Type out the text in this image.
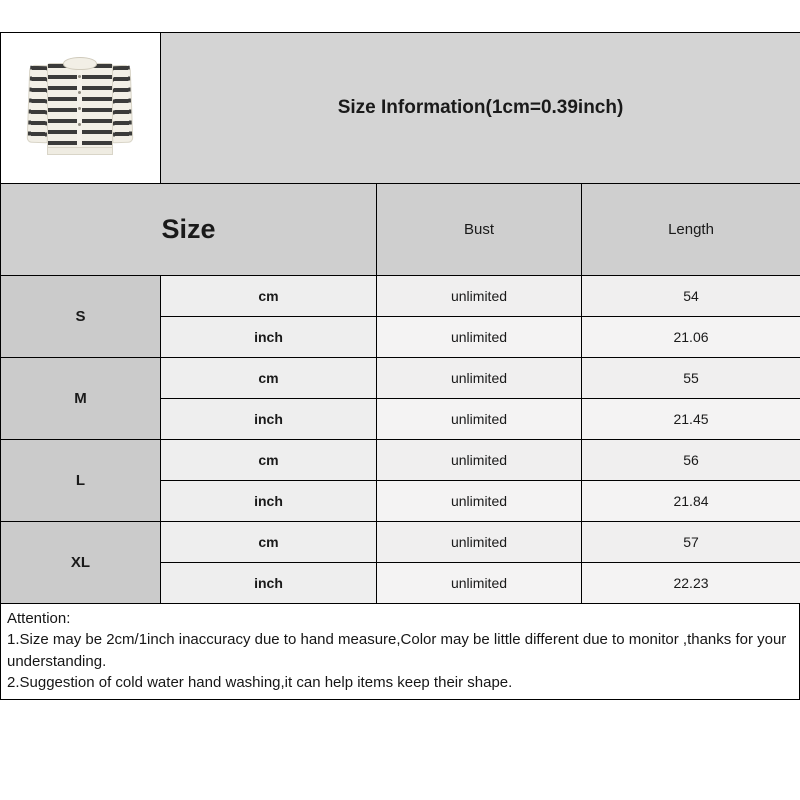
	Size Information(1cm=0.39inch)		
Size		Bust	Length
S	cm	unlimited	54
	inch	unlimited	21.06
M	cm	unlimited	55
	inch	unlimited	21.45
L	cm	unlimited	56
	inch	unlimited	21.84
XL	cm	unlimited	57
	inch	unlimited	22.23
Attention:
1.Size may be 2cm/1inch inaccuracy due to hand measure,Color may be little different due to monitor ,thanks for your understanding.
2.Suggestion of cold water hand washing,it can help items keep their shape.
